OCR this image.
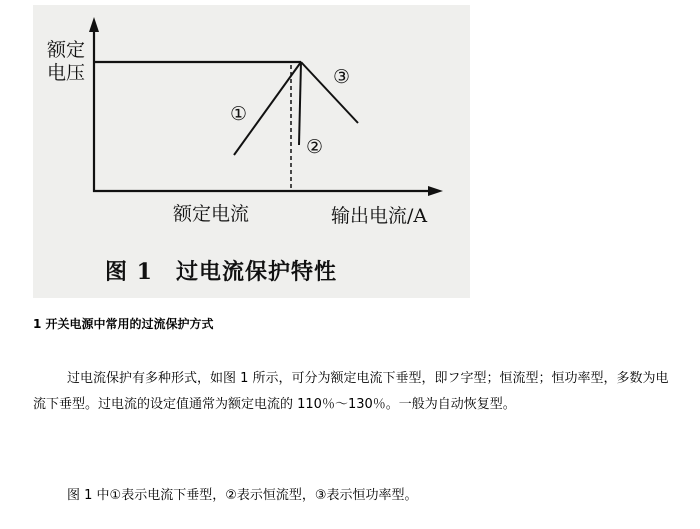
额定
电压
额定电流	输出电流/A
①
②
③
图 1　过电流保护特性
1 开关电源中常用的过流保护方式

过电流保护有多种形式，如图 1 所示，可分为额定电流下垂型，即フ字型；恒流型；恒功率型，多数为电流下垂型。过电流的设定值通常为额定电流的 110％～130％。一般为自动恢复型。

图 1 中①表示电流下垂型，②表示恒流型，③表示恒功率型。
